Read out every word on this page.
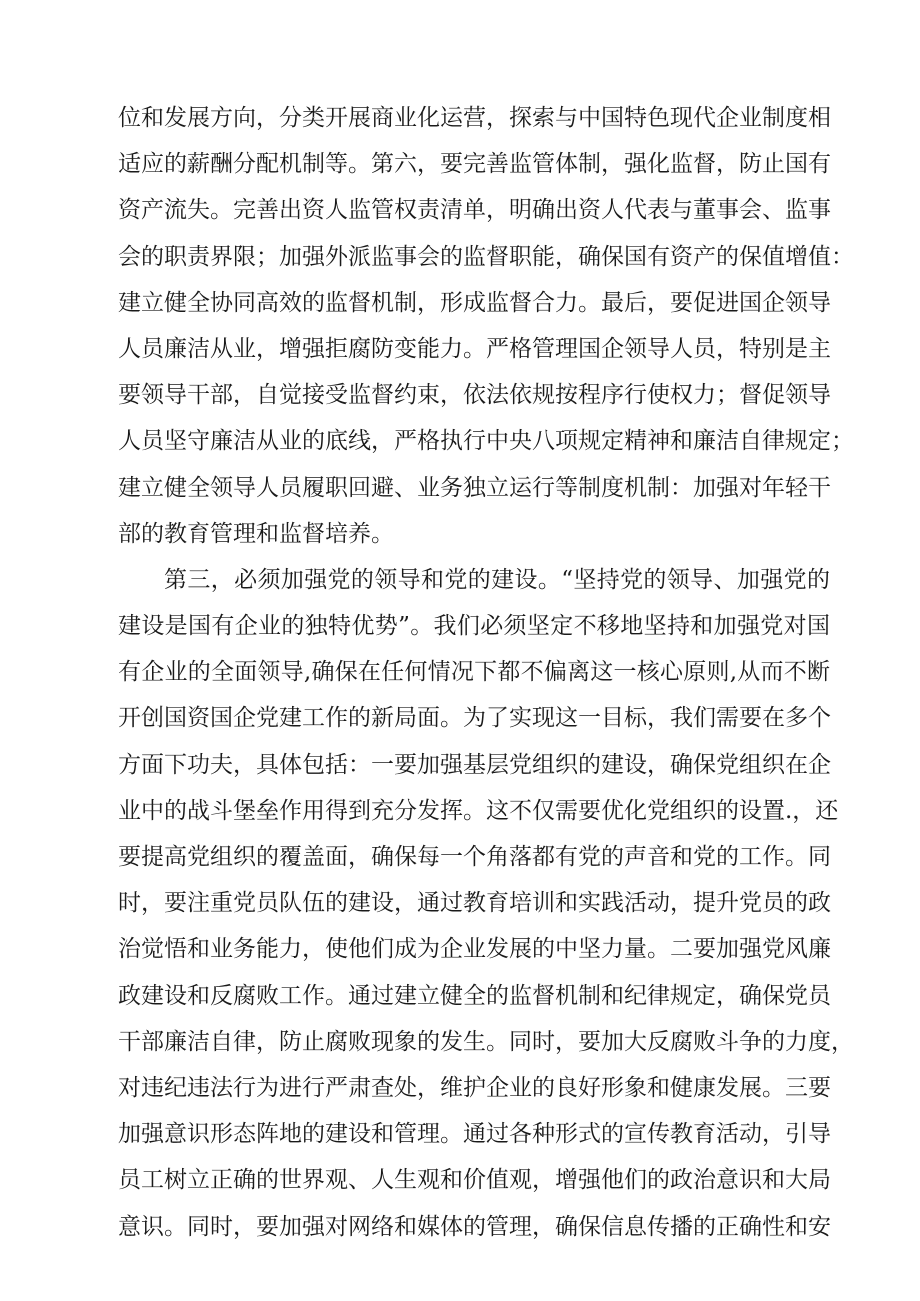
位和发展方向，分类开展商业化运营，探索与中国特色现代企业制度相
适应的薪酬分配机制等。第六，要完善监管体制，强化监督，防止国有
资产流失。完善出资人监管权责清单，明确出资人代表与董事会、监事
会的职责界限；加强外派监事会的监督职能，确保国有资产的保值增值：
建立健全协同高效的监督机制，形成监督合力。最后，要促进国企领导
人员廉洁从业，增强拒腐防变能力。严格管理国企领导人员，特别是主
要领导干部，自觉接受监督约束，依法依规按程序行使权力；督促领导
人员坚守廉洁从业的底线，严格执行中央八项规定精神和廉洁自律规定；
建立健全领导人员履职回避、业务独立运行等制度机制：加强对年轻干
部的教育管理和监督培养。
第三，必须加强党的领导和党的建设。“坚持党的领导、加强党的
建设是国有企业的独特优势”。我们必须坚定不移地坚持和加强党对国
有企业的全面领导,确保在任何情况下都不偏离这一核心原则,从而不断
开创国资国企党建工作的新局面。为了实现这一目标，我们需要在多个
方面下功夫，具体包括：一要加强基层党组织的建设，确保党组织在企
业中的战斗堡垒作用得到充分发挥。这不仅需要优化党组织的设置.，还
要提高党组织的覆盖面，确保每一个角落都有党的声音和党的工作。同
时，要注重党员队伍的建设，通过教育培训和实践活动，提升党员的政
治觉悟和业务能力，使他们成为企业发展的中坚力量。二要加强党风廉
政建设和反腐败工作。通过建立健全的监督机制和纪律规定，确保党员
干部廉洁自律，防止腐败现象的发生。同时，要加大反腐败斗争的力度，
对违纪违法行为进行严肃查处，维护企业的良好形象和健康发展。三要
加强意识形态阵地的建设和管理。通过各种形式的宣传教育活动，引导
员工树立正确的世界观、人生观和价值观，增强他们的政治意识和大局
意识。同时，要加强对网络和媒体的管理，确保信息传播的正确性和安
